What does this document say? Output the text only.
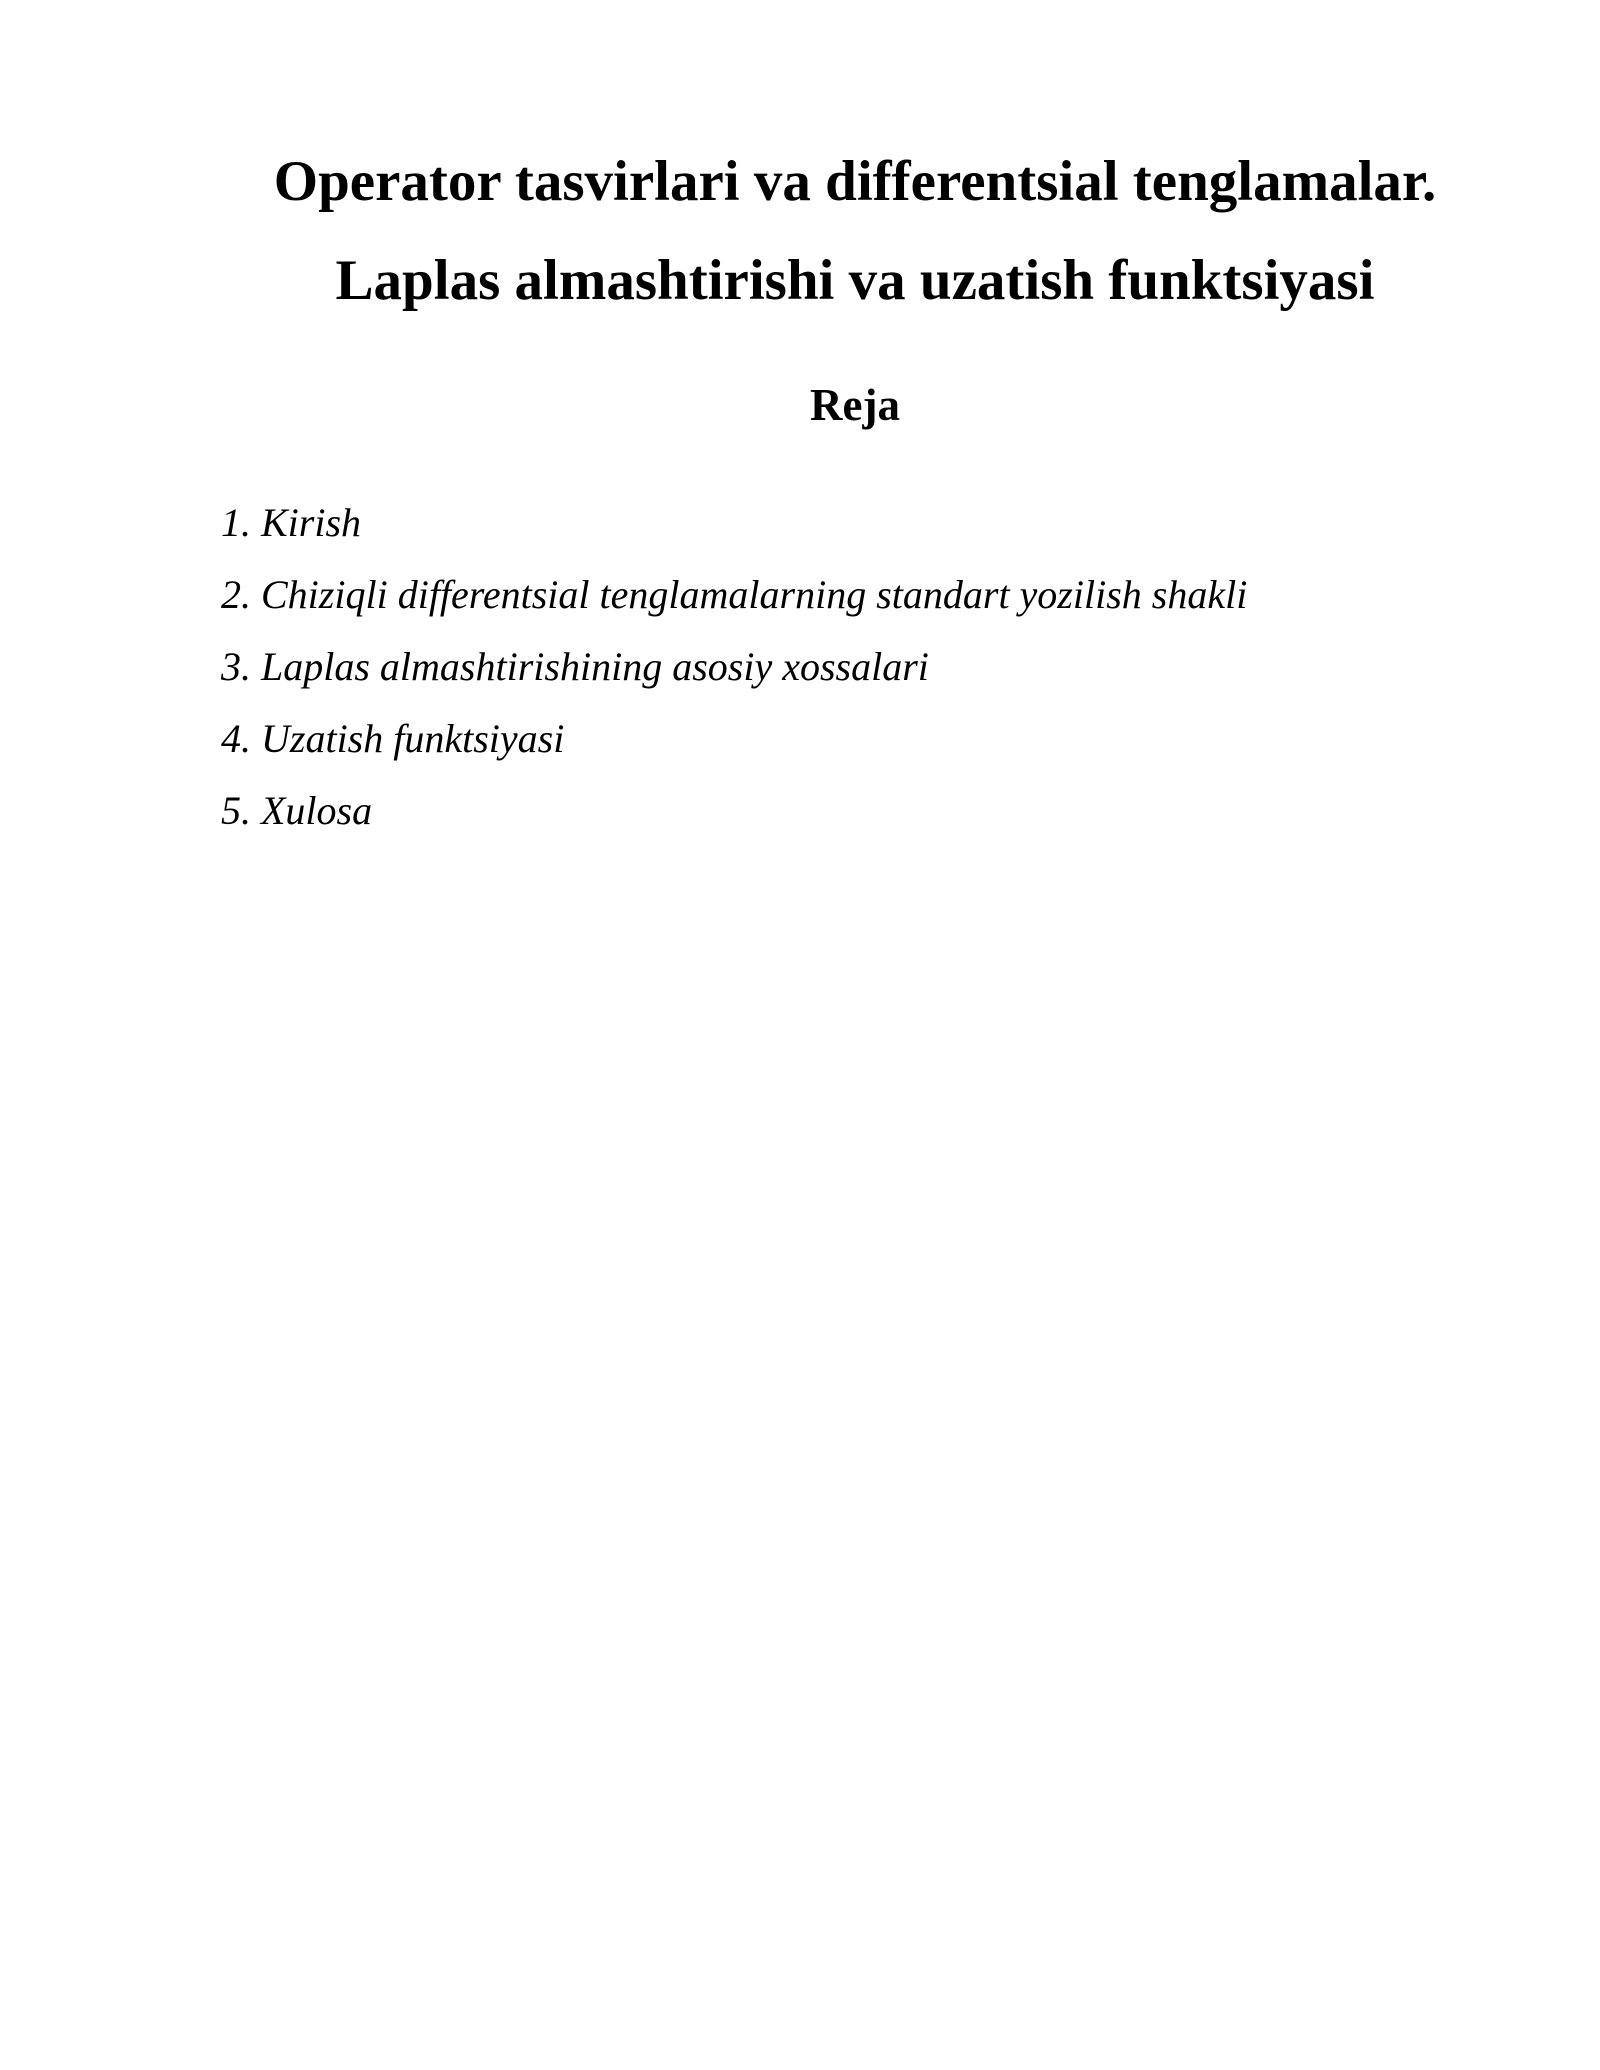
Operator tasvirlari va differentsial tenglamalar.
Laplas almashtirishi va uzatish funktsiyasi
Reja
1. Kirish
2. Chiziqli differentsial tenglamalarning standart yozilish shakli
3. Laplas almashtirishining asosiy xossalari
4. Uzatish funktsiyasi
5. Xulosa
